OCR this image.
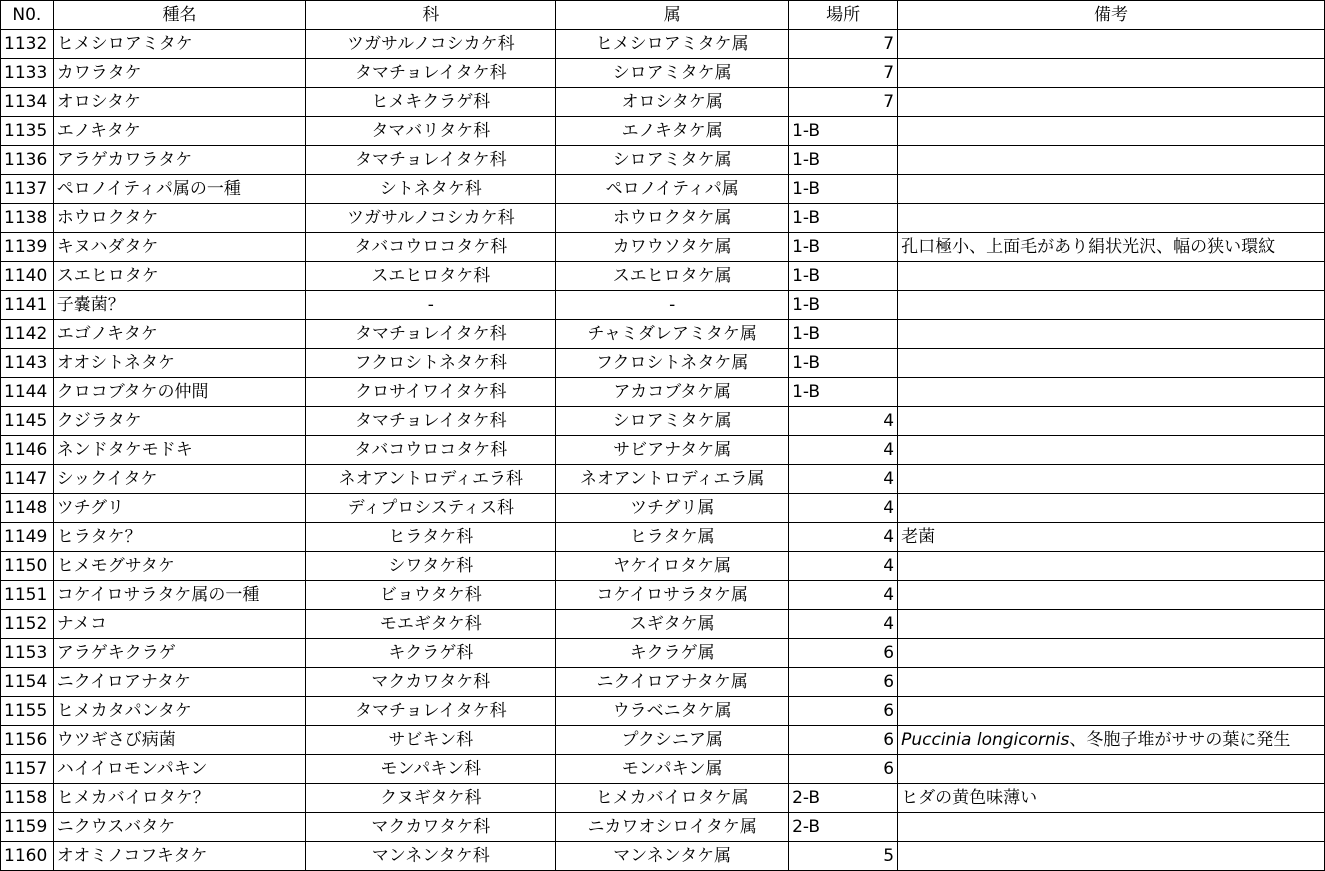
N0.	種名	科	属	場所	備考
1132	ヒメシロアミタケ	ツガサルノコシカケ科	ヒメシロアミタケ属	7	
1133	カワラタケ	タマチョレイタケ科	シロアミタケ属	7	
1134	オロシタケ	ヒメキクラゲ科	オロシタケ属	7	
1135	エノキタケ	タマバリタケ科	エノキタケ属	1-B	
1136	アラゲカワラタケ	タマチョレイタケ科	シロアミタケ属	1-B	
1137	ペロノイティパ属の一種	シトネタケ科	ペロノイティパ属	1-B	
1138	ホウロクタケ	ツガサルノコシカケ科	ホウロクタケ属	1-B	
1139	キヌハダタケ	タバコウロコタケ科	カワウソタケ属	1-B	孔口極小、上面毛があり絹状光沢、幅の狭い環紋
1140	スエヒロタケ	スエヒロタケ科	スエヒロタケ属	1-B	
1141	子嚢菌？	-	-	1-B	
1142	エゴノキタケ	タマチョレイタケ科	チャミダレアミタケ属	1-B	
1143	オオシトネタケ	フクロシトネタケ科	フクロシトネタケ属	1-B	
1144	クロコブタケの仲間	クロサイワイタケ科	アカコブタケ属	1-B	
1145	クジラタケ	タマチョレイタケ科	シロアミタケ属	4	
1146	ネンドタケモドキ	タバコウロコタケ科	サビアナタケ属	4	
1147	シックイタケ	ネオアントロディエラ科	ネオアントロディエラ属	4	
1148	ツチグリ	ディプロシスティス科	ツチグリ属	4	
1149	ヒラタケ？	ヒラタケ科	ヒラタケ属	4	老菌
1150	ヒメモグサタケ	シワタケ科	ヤケイロタケ属	4	
1151	コケイロサラタケ属の一種	ビョウタケ科	コケイロサラタケ属	4	
1152	ナメコ	モエギタケ科	スギタケ属	4	
1153	アラゲキクラゲ	キクラゲ科	キクラゲ属	6	
1154	ニクイロアナタケ	マクカワタケ科	ニクイロアナタケ属	6	
1155	ヒメカタパンタケ	タマチョレイタケ科	ウラベニタケ属	6	
1156	ウツギさび病菌	サビキン科	プクシニア属	6	Puccinia longicornis、冬胞子堆がササの葉に発生
1157	ハイイロモンパキン	モンパキン科	モンパキン属	6	
1158	ヒメカバイロタケ？	クヌギタケ科	ヒメカバイロタケ属	2-B	ヒダの黄色味薄い
1159	ニクウスバタケ	マクカワタケ科	ニカワオシロイタケ属	2-B	
1160	オオミノコフキタケ	マンネンタケ科	マンネンタケ属	5	
